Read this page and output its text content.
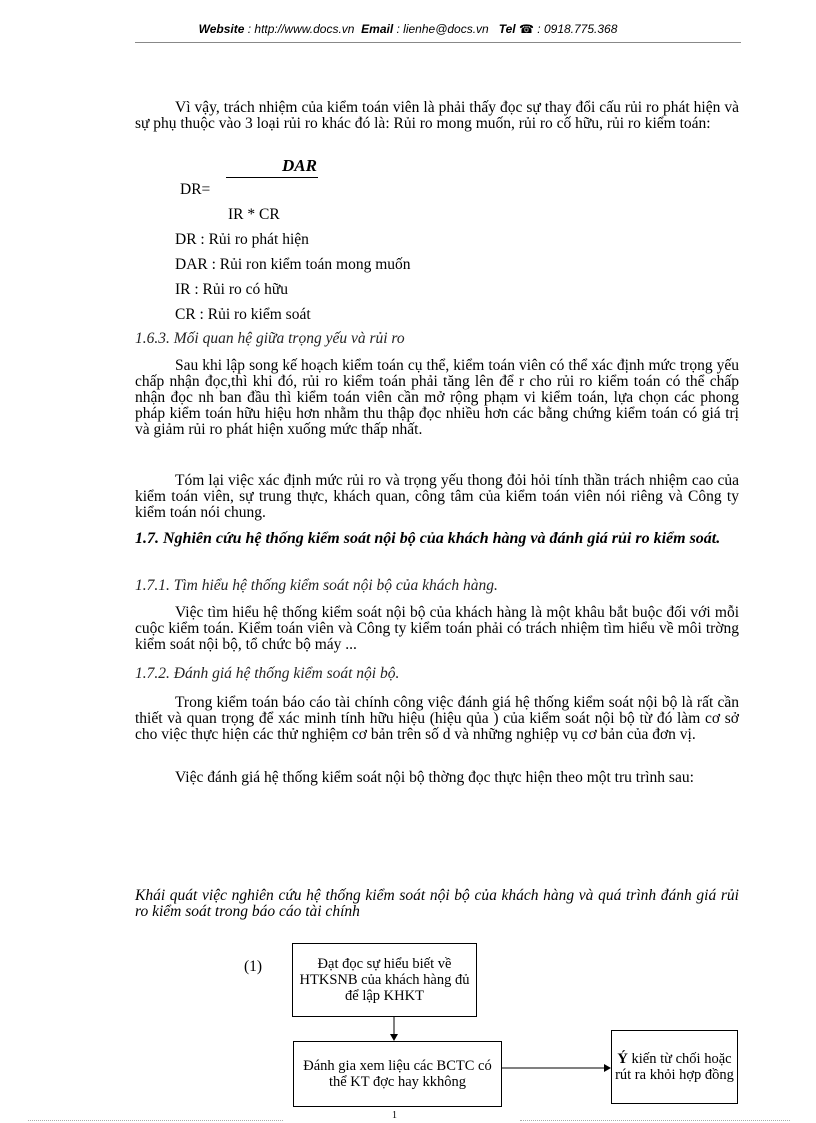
Website : http://www.docs.vn Email : lienhe@docs.vn Tel ☎ : 0918.775.368
Vì vậy, trách nhiệm của kiểm toán viên là phải thấy đọc sự thay đổi cấu rủi ro phát hiện và sự phụ thuộc vào 3 loại rủi ro khác đó là: Rủi ro mong muốn, rủi ro cố hữu, rủi ro kiểm toán:
DAR
DR=
IR * CR
DR : Rủi ro phát hiện
DAR : Rủi ron kiểm toán mong muốn
IR : Rủi ro có hữu
CR : Rủi ro kiểm soát
1.6.3. Mối quan hệ giữa trọng yếu và rủi ro
Sau khi lập song kế hoạch kiểm toán cụ thể, kiểm toán viên có thể xác định mức trọng yếu chấp nhận đọc,thì khi đó, rủi ro kiểm toán phải tăng lên để r cho rủi ro kiểm toán có thể chấp nhận đọc nh ban đầu thì kiểm toán viên cần mở rộng phạm vi kiểm toán, lựa chọn các phong pháp kiểm toán hữu hiệu hơn nhằm thu thập đọc nhiều hơn các bằng chứng kiểm toán có giá trị và giảm rủi ro phát hiện xuống mức thấp nhất.
Tóm lại việc xác định mức rủi ro và trọng yếu thong đỏi hỏi tính thần trách nhiệm cao của kiểm toán viên, sự trung thực, khách quan, công tâm của kiểm toán viên nói riêng và Công ty kiểm toán nói chung.
1.7. Nghiên cứu hệ thống kiểm soát nội bộ của khách hàng và đánh giá rủi ro kiểm soát.
1.7.1. Tìm hiểu hệ thống kiểm soát nội bộ của khách hàng.
Việc tìm hiểu hệ thống kiểm soát nội bộ của khách hàng là một khâu bắt buộc đối với mỗi cuộc kiểm toán. Kiểm toán viên và Công ty kiểm toán phải có trách nhiệm tìm hiểu về môi trờng kiểm soát nội bộ, tổ chức bộ máy ...
1.7.2. Đánh giá hệ thống kiểm soát nội bộ.
Trong kiểm toán báo cáo tài chính công việc đánh giá hệ thống kiểm soát nội bộ là rất cần thiết và quan trọng để xác minh tính hữu hiệu (hiệu qủa ) của kiểm soát nội bộ từ đó làm cơ sở cho việc thực hiện các thử nghiệm cơ bản trên số d và những nghiệp vụ cơ bản của đơn vị.
Việc đánh giá hệ thống kiểm soát nội bộ thờng đọc thực hiện theo một tru trình sau:
Khái quát việc nghiên cứu hệ thống kiểm soát nội bộ của khách hàng và quá trình đánh giá rủi ro kiểm soát trong báo cáo tài chính
(1)	Đạt đọc sự hiểu biết về HTKSNB của khách hàng đủ để lập KHKT
Đánh gia xem liệu các BCTC có thể KT đợc hay kkhông
Ý kiến từ chối hoặc rút ra khỏi hợp đồng
1
